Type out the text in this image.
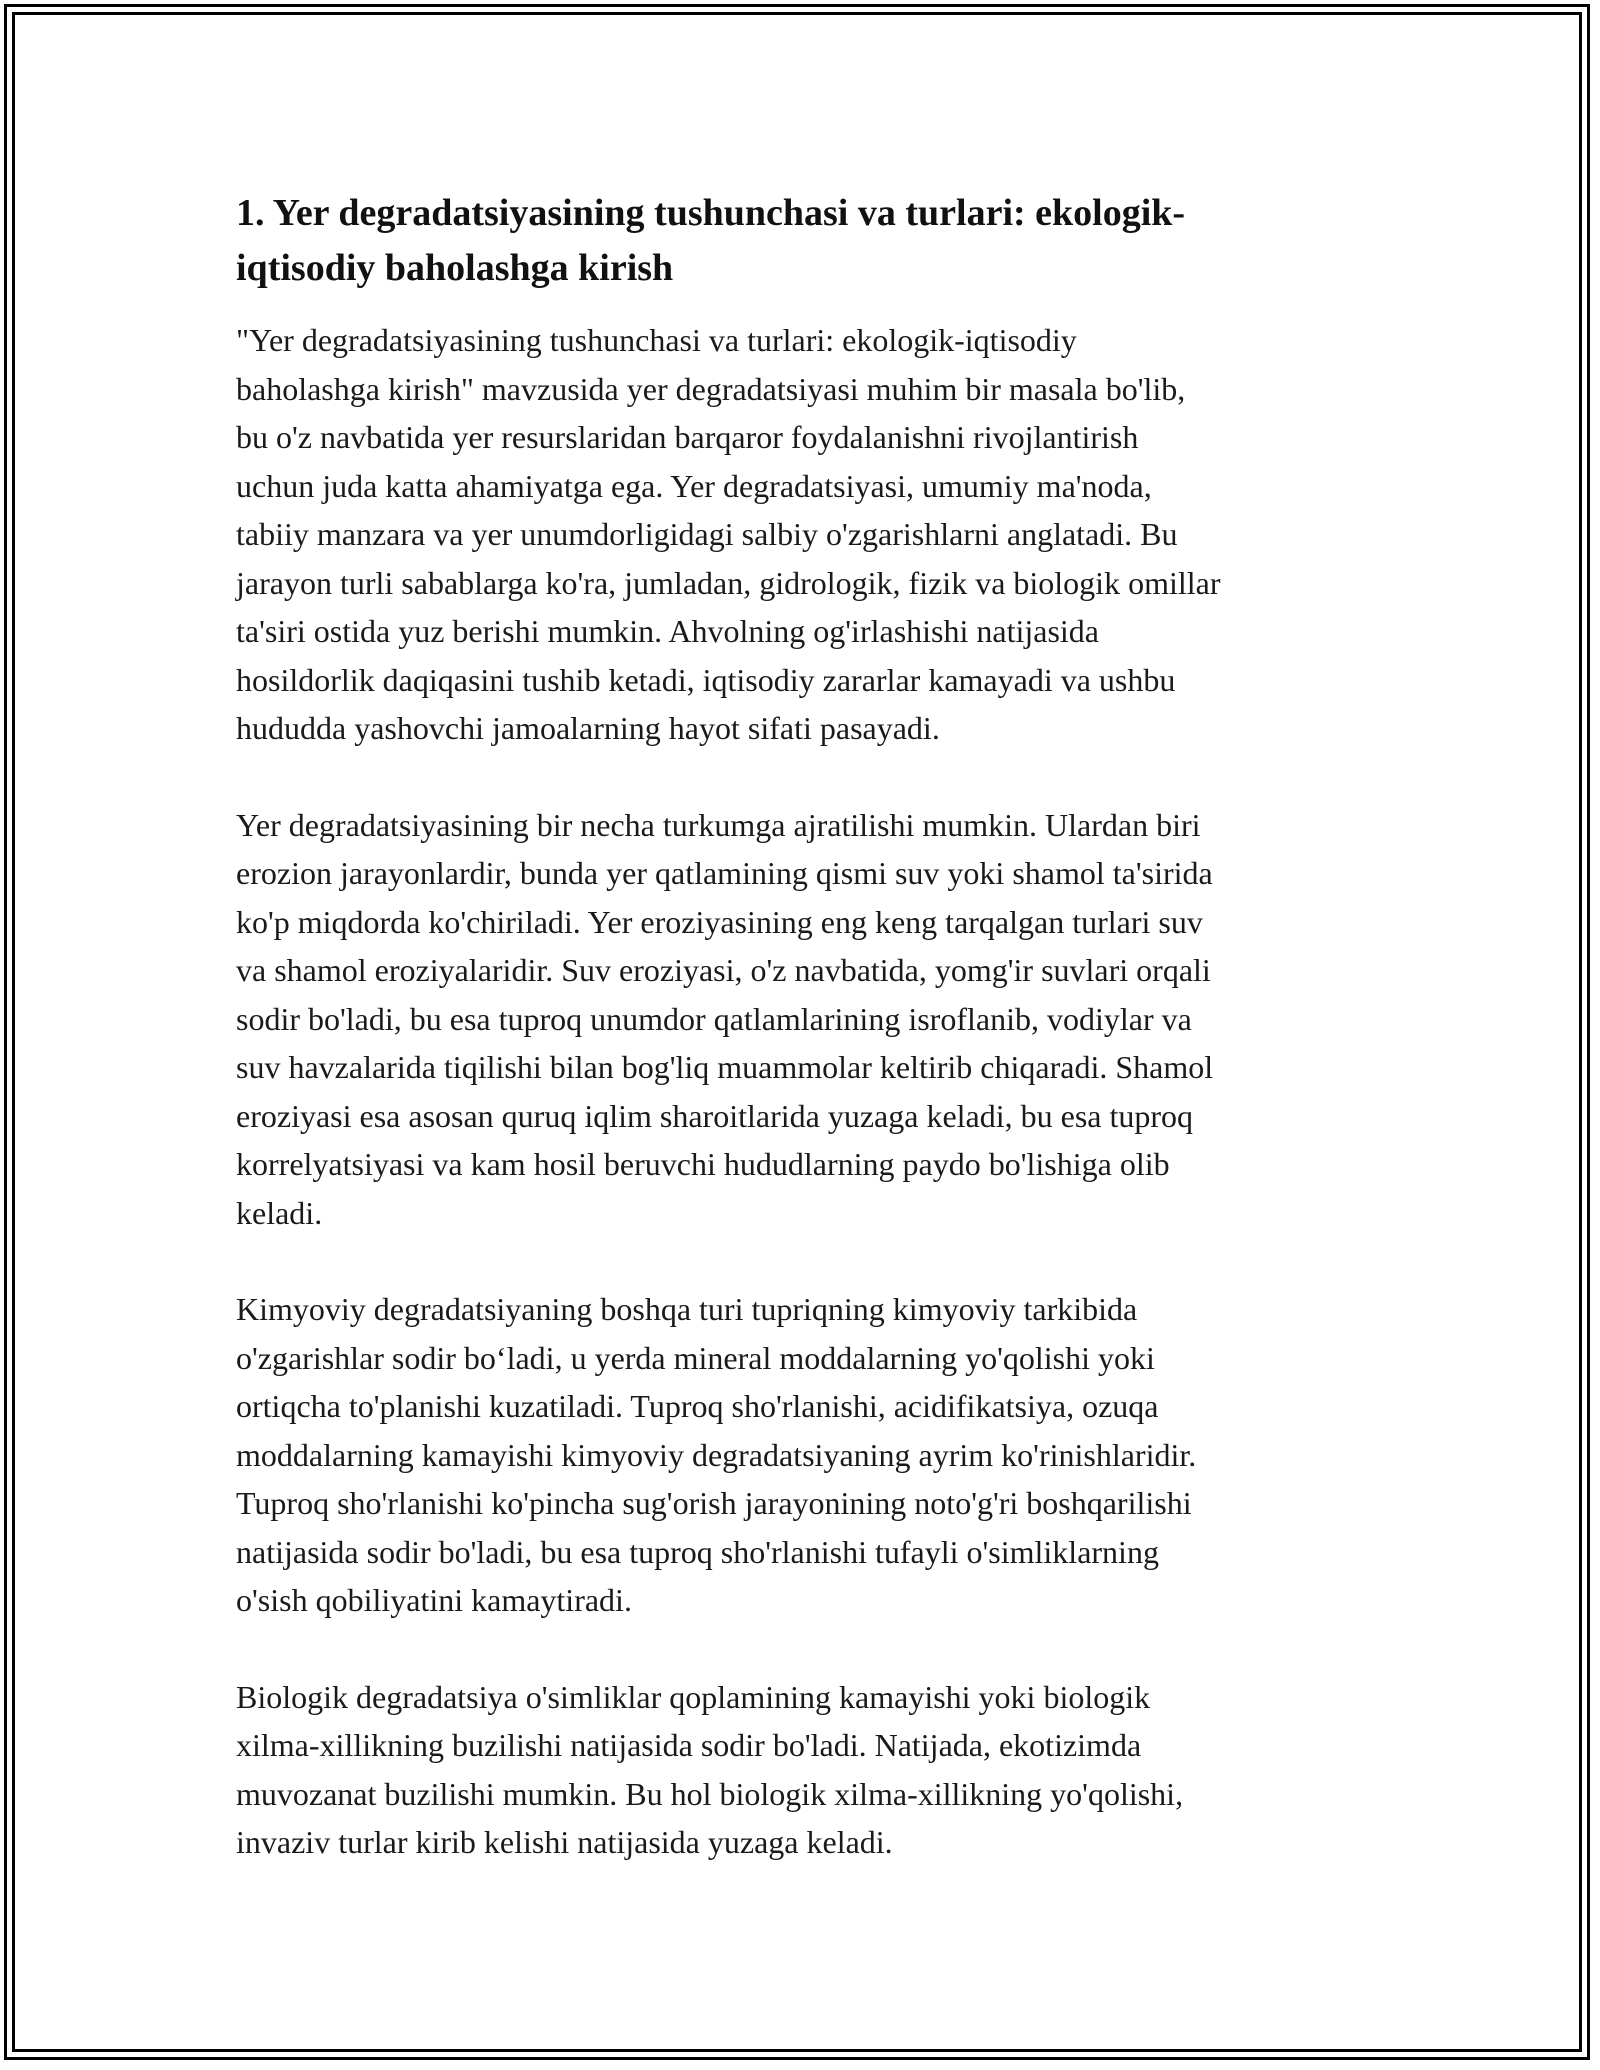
1. Yer degradatsiyasining tushunchasi va turlari: ekologik-
iqtisodiy baholashga kirish

"Yer degradatsiyasining tushunchasi va turlari: ekologik-iqtisodiy
baholashga kirish" mavzusida yer degradatsiyasi muhim bir masala bo'lib,
bu o'z navbatida yer resurslaridan barqaror foydalanishni rivojlantirish
uchun juda katta ahamiyatga ega. Yer degradatsiyasi, umumiy ma'noda,
tabiiy manzara va yer unumdorligidagi salbiy o'zgarishlarni anglatadi. Bu
jarayon turli sabablarga ko'ra, jumladan, gidrologik, fizik va biologik omillar
ta'siri ostida yuz berishi mumkin. Ahvolning og'irlashishi natijasida
hosildorlik daqiqasini tushib ketadi, iqtisodiy zararlar kamayadi va ushbu
hududda yashovchi jamoalarning hayot sifati pasayadi.

Yer degradatsiyasining bir necha turkumga ajratilishi mumkin. Ulardan biri
erozion jarayonlardir, bunda yer qatlamining qismi suv yoki shamol ta'sirida
ko'p miqdorda ko'chiriladi. Yer eroziyasining eng keng tarqalgan turlari suv
va shamol eroziyalaridir. Suv eroziyasi, o'z navbatida, yomg'ir suvlari orqali
sodir bo'ladi, bu esa tuproq unumdor qatlamlarining isroflanib, vodiylar va
suv havzalarida tiqilishi bilan bog'liq muammolar keltirib chiqaradi. Shamol
eroziyasi esa asosan quruq iqlim sharoitlarida yuzaga keladi, bu esa tuproq
korrelyatsiyasi va kam hosil beruvchi hududlarning paydo bo'lishiga olib
keladi.

Kimyoviy degradatsiyaning boshqa turi tupriqning kimyoviy tarkibida
o'zgarishlar sodir bo‘ladi, u yerda mineral moddalarning yo'qolishi yoki
ortiqcha to'planishi kuzatiladi. Tuproq sho'rlanishi, acidifikatsiya, ozuqa
moddalarning kamayishi kimyoviy degradatsiyaning ayrim ko'rinishlaridir.
Tuproq sho'rlanishi ko'pincha sug'orish jarayonining noto'g'ri boshqarilishi
natijasida sodir bo'ladi, bu esa tuproq sho'rlanishi tufayli o'simliklarning
o'sish qobiliyatini kamaytiradi.

Biologik degradatsiya o'simliklar qoplamining kamayishi yoki biologik
xilma-xillikning buzilishi natijasida sodir bo'ladi. Natijada, ekotizimda
muvozanat buzilishi mumkin. Bu hol biologik xilma-xillikning yo'qolishi,
invaziv turlar kirib kelishi natijasida yuzaga keladi.
